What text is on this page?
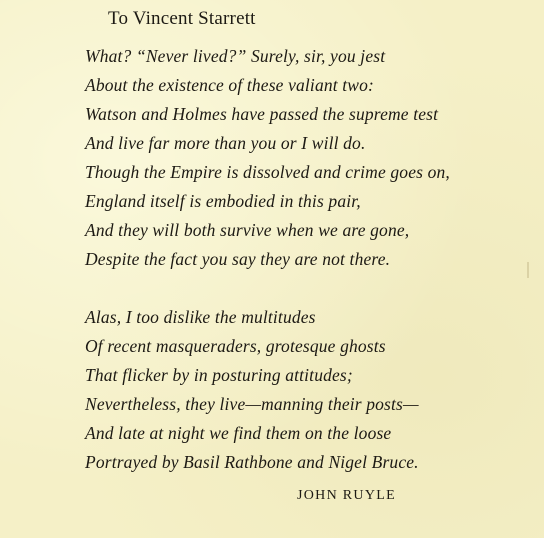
To Vincent Starrett
What? “Never lived?” Surely, sir, you jest
About the existence of these valiant two:
Watson and Holmes have passed the supreme test
And live far more than you or I will do.
Though the Empire is dissolved and crime goes on,
England itself is embodied in this pair,
And they will both survive when we are gone,
Despite the fact you say they are not there.
Alas, I too dislike the multitudes
Of recent masqueraders, grotesque ghosts
That flicker by in posturing attitudes;
Nevertheless, they live—manning their posts—
And late at night we find them on the loose
Portrayed by Basil Rathbone and Nigel Bruce.

JOHN RUYLE
